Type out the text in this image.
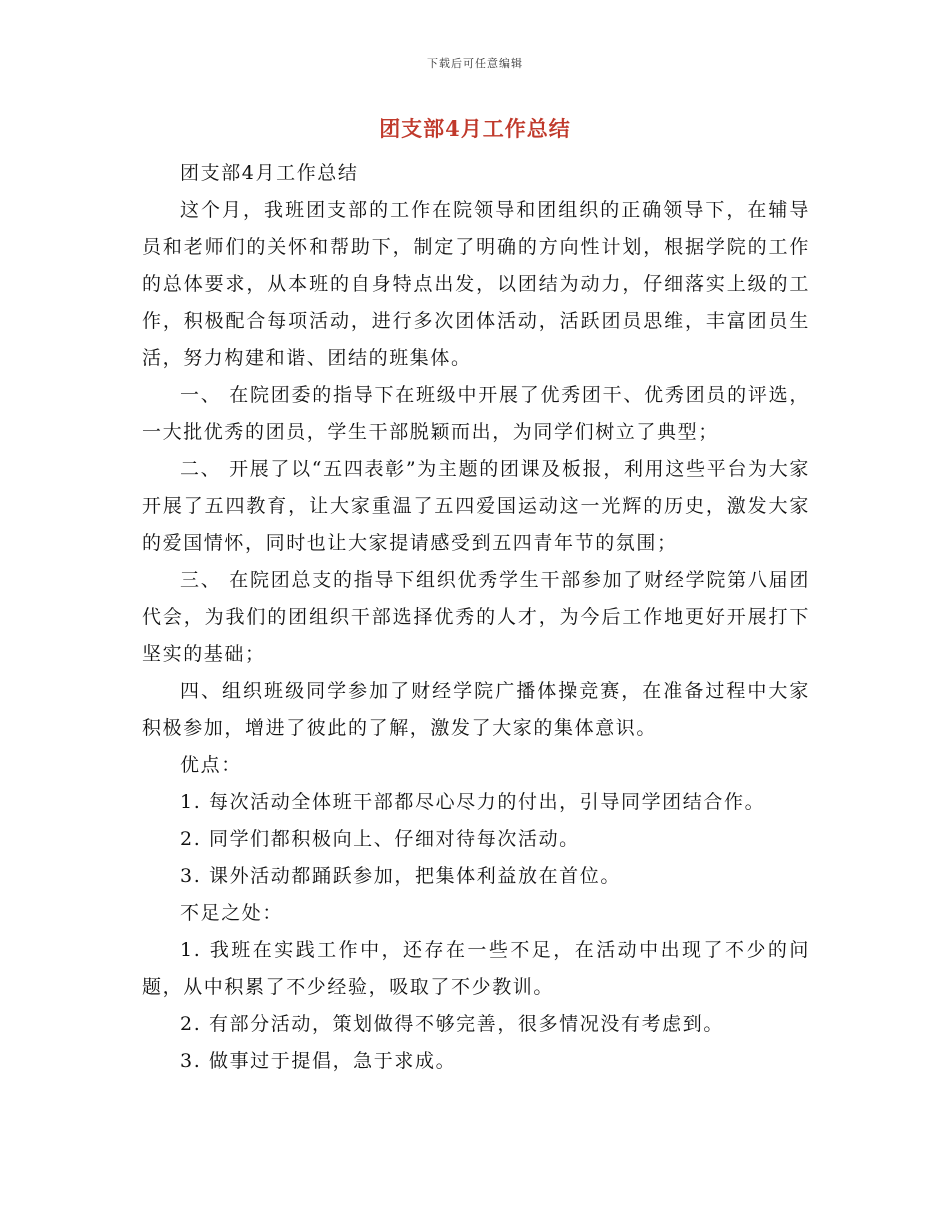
下载后可任意编辑
团支部4月工作总结

团支部4月工作总结

这个月，我班团支部的工作在院领导和团组织的正确领导下，在辅导员和老师们的关怀和帮助下，制定了明确的方向性计划，根据学院的工作的总体要求，从本班的自身特点出发，以团结为动力，仔细落实上级的工作，积极配合每项活动，进行多次团体活动，活跃团员思维，丰富团员生活，努力构建和谐、团结的班集体。

一、 在院团委的指导下在班级中开展了优秀团干、优秀团员的评选，一大批优秀的团员，学生干部脱颖而出，为同学们树立了典型；

二、 开展了以“五四表彰”为主题的团课及板报，利用这些平台为大家开展了五四教育，让大家重温了五四爱国运动这一光辉的历史，激发大家的爱国情怀，同时也让大家提请感受到五四青年节的氛围；

三、 在院团总支的指导下组织优秀学生干部参加了财经学院第八届团代会，为我们的团组织干部选择优秀的人才，为今后工作地更好开展打下坚实的基础；

四、组织班级同学参加了财经学院广播体操竞赛，在准备过程中大家积极参加，增进了彼此的了解，激发了大家的集体意识。

优点：

1. 每次活动全体班干部都尽心尽力的付出，引导同学团结合作。

2. 同学们都积极向上、仔细对待每次活动。

3. 课外活动都踊跃参加，把集体利益放在首位。

不足之处：

1. 我班在实践工作中，还存在一些不足，在活动中出现了不少的问题，从中积累了不少经验，吸取了不少教训。

2. 有部分活动，策划做得不够完善，很多情况没有考虑到。

3. 做事过于提倡，急于求成。
